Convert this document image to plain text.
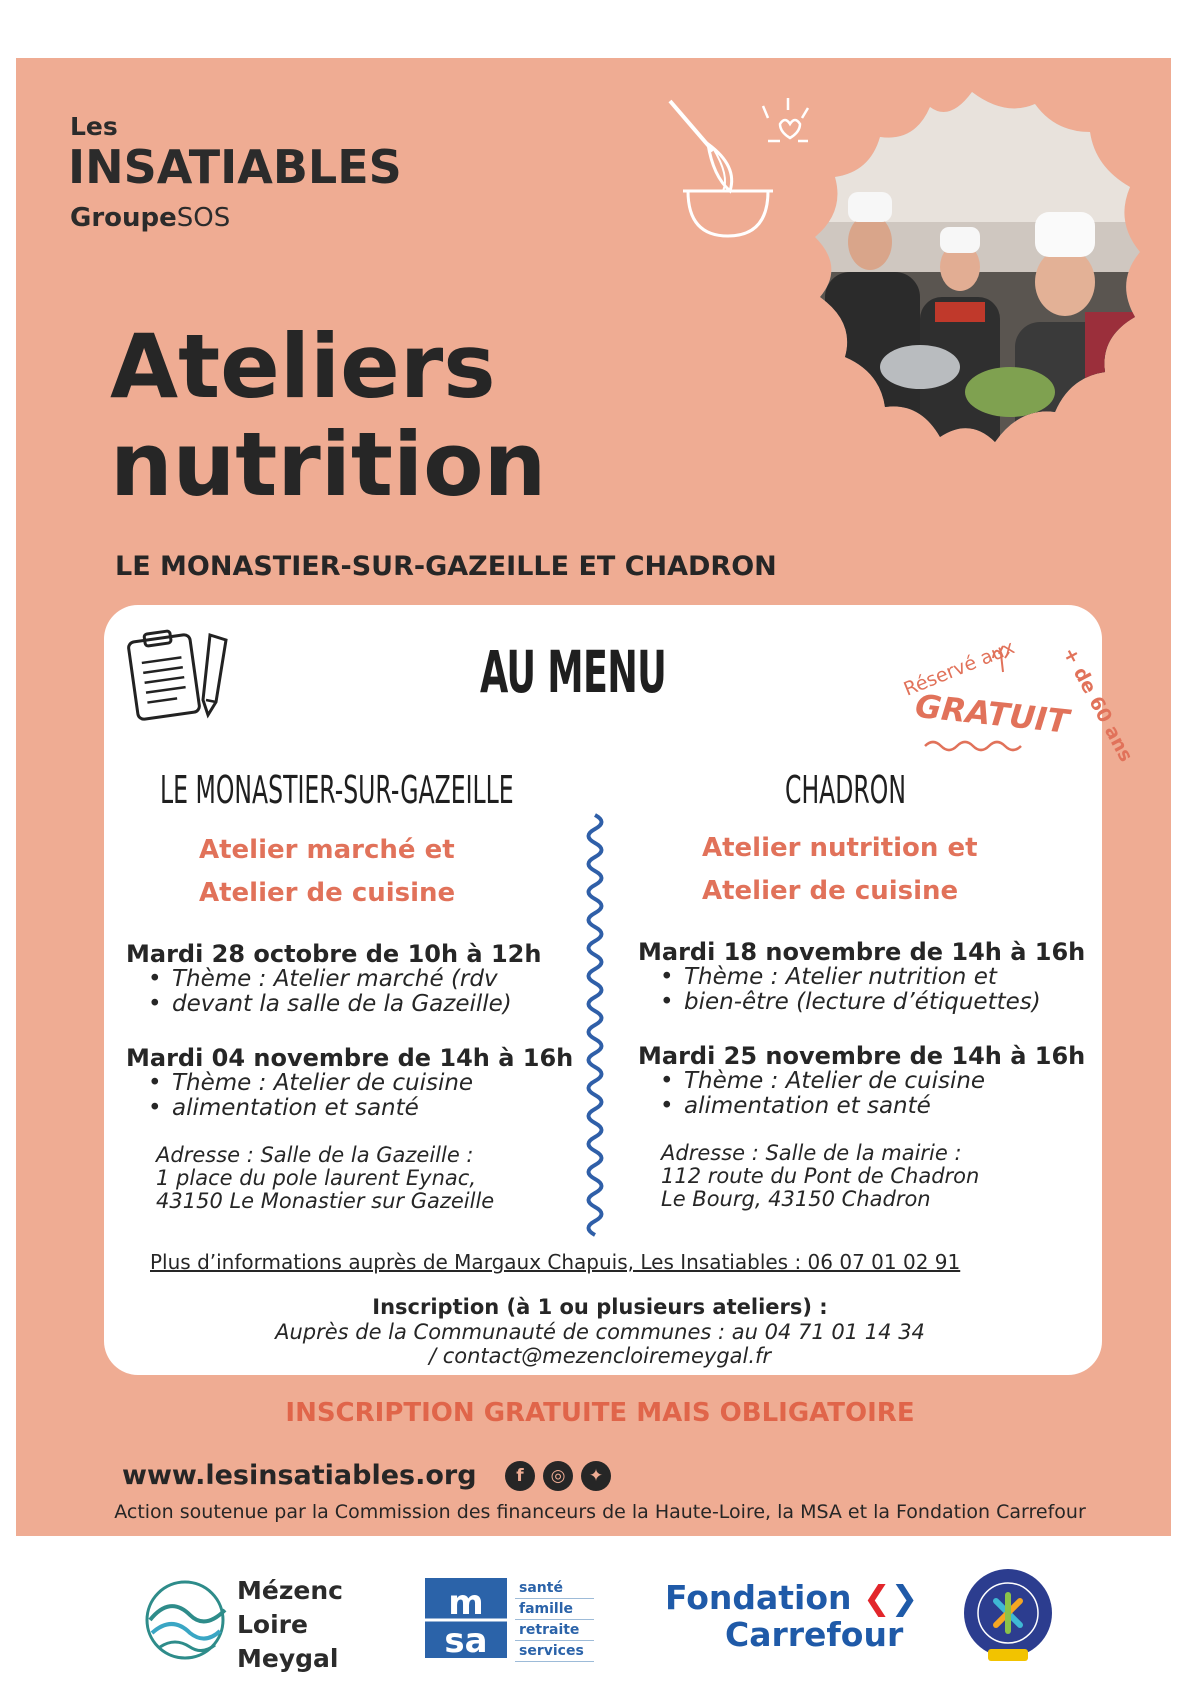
Les
INSATIABLES
GroupeSOS
Ateliers
nutrition
LE MONASTIER-SUR-GAZEILLE ET CHADRON
AU MENU	Réservé aux + de 60 ans
GRATUIT
LE MONASTIER-SUR-GAZEILLE
Atelier marché et
Atelier de cuisine
Mardi 28 octobre de 10h à 12h
• Thème : Atelier marché (rdv
• devant la salle de la Gazeille)
Mardi 04 novembre de 14h à 16h
• Thème : Atelier de cuisine
• alimentation et santé
Adresse : Salle de la Gazeille :
1 place du pole laurent Eynac,
43150 Le Monastier sur Gazeille
CHADRON
Atelier nutrition et
Atelier de cuisine
Mardi 18 novembre de 14h à 16h
• Thème : Atelier nutrition et
• bien-être (lecture d’étiquettes)
Mardi 25 novembre de 14h à 16h
• Thème : Atelier de cuisine
• alimentation et santé
Adresse : Salle de la mairie :
112 route du Pont de Chadron
Le Bourg, 43150 Chadron
Plus d’informations auprès de Margaux Chapuis, Les Insatiables : 06 07 01 02 91
Inscription (à 1 ou plusieurs ateliers) :
Auprès de la Communauté de communes : au 04 71 01 14 34
/ contact@mezencloiremeygal.fr
INSCRIPTION GRATUITE MAIS OBLIGATOIRE
www.lesinsatiables.org	f	◎	✦
Action soutenue par la Commission des financeurs de la Haute-Loire, la MSA et la Fondation Carrefour
Mézenc
Loire
Meygal
m
sa
santé
famille
retraite
services
Fondation ❮❯
Carrefour
